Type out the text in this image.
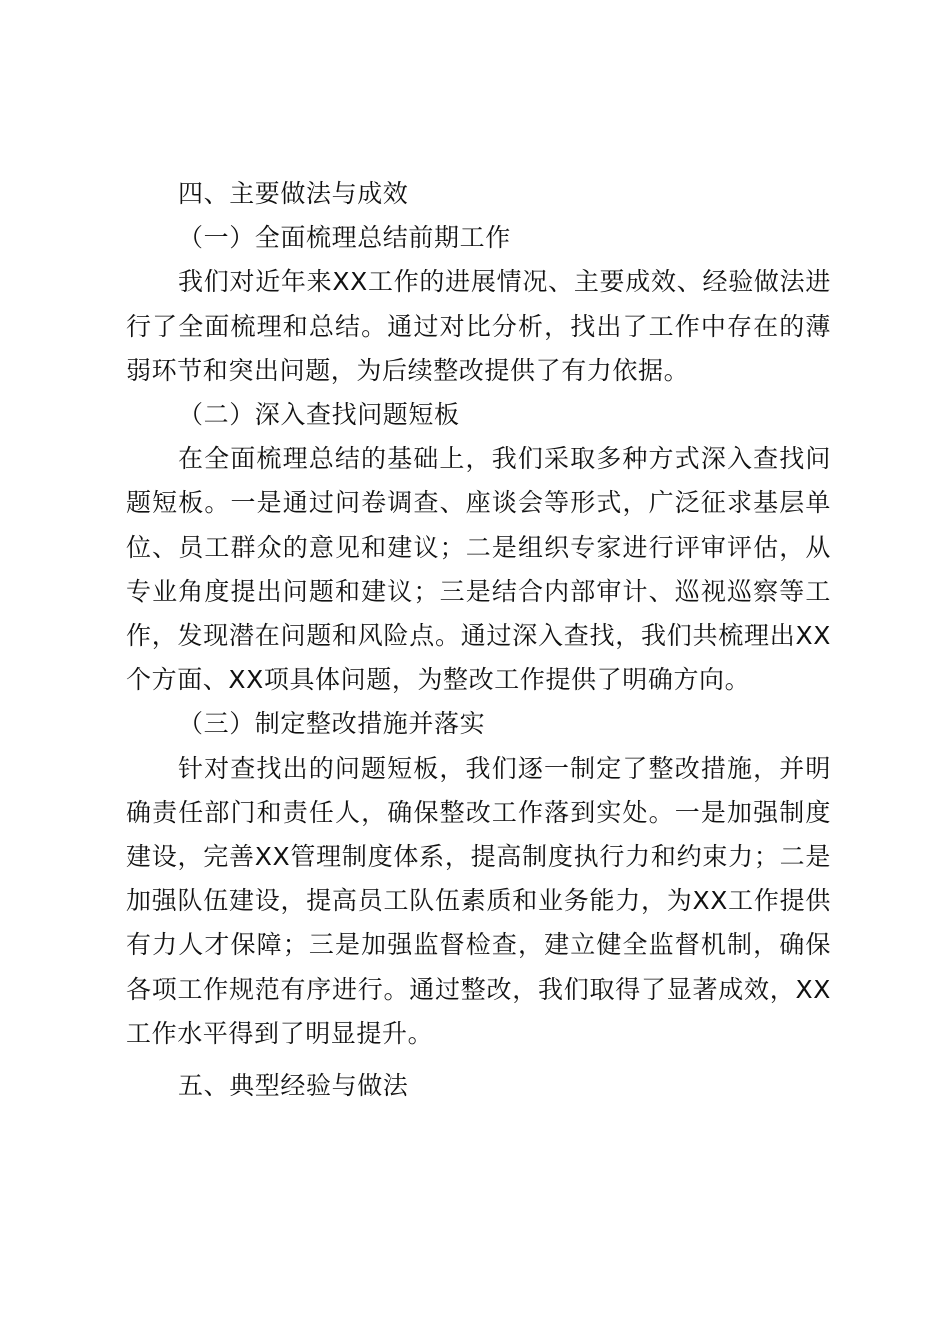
四、主要做法与成效

（一）全面梳理总结前期工作

我们对近年来XX工作的进展情况、主要成效、经验做法进行了全面梳理和总结。通过对比分析，找出了工作中存在的薄弱环节和突出问题，为后续整改提供了有力依据。

（二）深入查找问题短板

在全面梳理总结的基础上，我们采取多种方式深入查找问题短板。一是通过问卷调查、座谈会等形式，广泛征求基层单位、员工群众的意见和建议；二是组织专家进行评审评估，从专业角度提出问题和建议；三是结合内部审计、巡视巡察等工作，发现潜在问题和风险点。通过深入查找，我们共梳理出XX个方面、XX项具体问题，为整改工作提供了明确方向。

（三）制定整改措施并落实

针对查找出的问题短板，我们逐一制定了整改措施，并明确责任部门和责任人，确保整改工作落到实处。一是加强制度建设，完善XX管理制度体系，提高制度执行力和约束力；二是加强队伍建设，提高员工队伍素质和业务能力，为XX工作提供有力人才保障；三是加强监督检查，建立健全监督机制，确保各项工作规范有序进行。通过整改，我们取得了显著成效，XX工作水平得到了明显提升。

五、典型经验与做法
